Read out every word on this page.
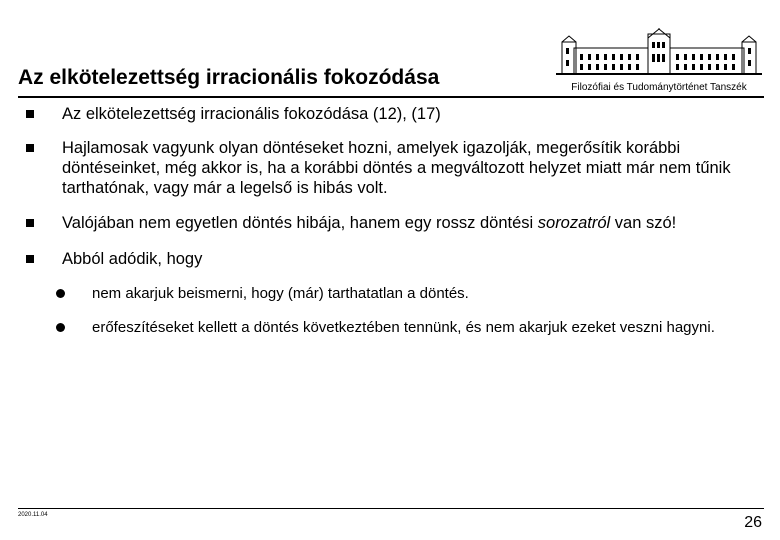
Az elkötelezettség irracionális fokozódása	Filozófiai és Tudománytörténet Tanszék
Az elkötelezettség irracionális fokozódása (12), (17)
Hajlamosak vagyunk olyan döntéseket hozni, amelyek igazolják, megerősítik korábbi döntéseinket, még akkor is, ha a korábbi döntés a megváltozott helyzet miatt már nem tűnik tarthatónak, vagy már a legelső is hibás volt.
Valójában nem egyetlen döntés hibája, hanem egy rossz döntési sorozatról van szó!
Abból adódik, hogy
nem akarjuk beismerni, hogy (már) tarthatatlan a döntés.
erőfeszítéseket kellett a döntés következtében tennünk, és nem akarjuk ezeket veszni hagyni.
2020.11.04	26
